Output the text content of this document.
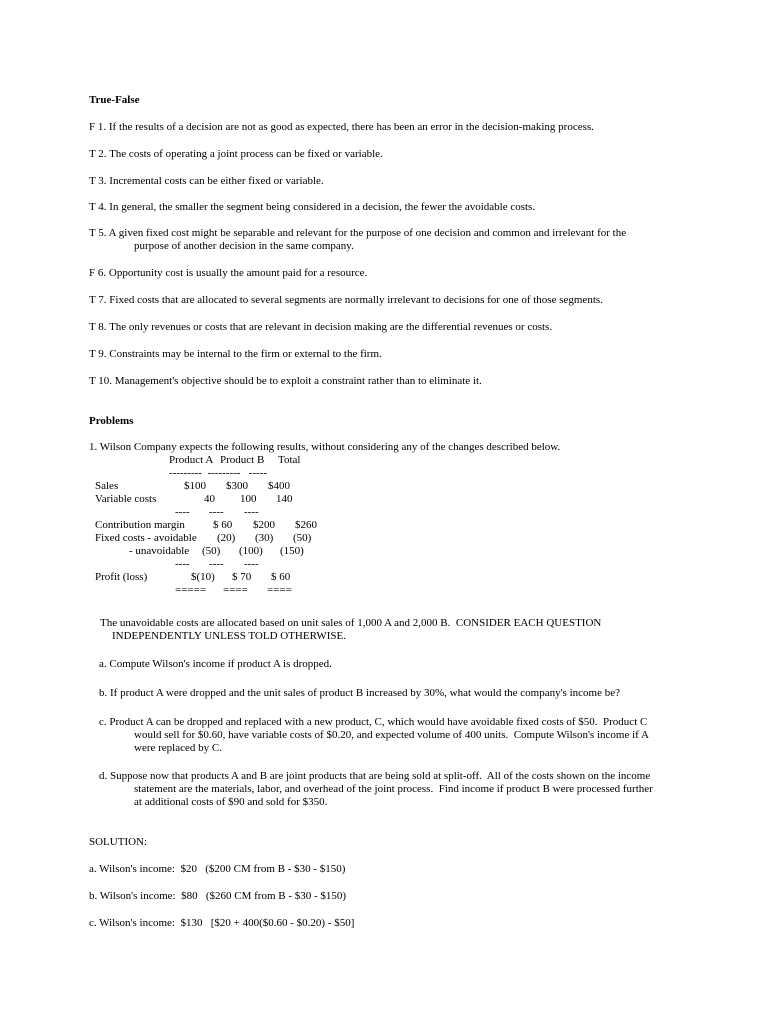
True-False
F 1. If the results of a decision are not as good as expected, there has been an error in the decision-making process.
T 2. The costs of operating a joint process can be fixed or variable.
T 3. Incremental costs can be either fixed or variable.
T 4. In general, the smaller the segment being considered in a decision, the fewer the avoidable costs.
T 5. A given fixed cost might be separable and relevant for the purpose of one decision and common and irrelevant for the
purpose of another decision in the same company.
F 6. Opportunity cost is usually the amount paid for a resource.
T 7. Fixed costs that are allocated to several segments are normally irrelevant to decisions for one of those segments.
T 8. The only revenues or costs that are relevant in decision making are the differential revenues or costs.
T 9. Constraints may be internal to the firm or external to the firm.
T 10. Management's objective should be to exploit a constraint rather than to eliminate it.
Problems
1. Wilson Company expects the following results, without considering any of the changes described below.
Product A Product B Total
---------  ---------   -----
Sales	$100 $300 $400
Variable costs	40 100 140
---- ---- ----
Contribution margin	$ 60 $200 $260
Fixed costs - avoidable (20) (30) (50)
- unavoidable (50) (100) (150)
---- ---- ----
Profit (loss)	$(10) $ 70 $ 60
===== ==== ====
The unavoidable costs are allocated based on unit sales of 1,000 A and 2,000 B.  CONSIDER EACH QUESTION
INDEPENDENTLY UNLESS TOLD OTHERWISE.
a. Compute Wilson's income if product A is dropped.
b. If product A were dropped and the unit sales of product B increased by 30%, what would the company's income be?
c. Product A can be dropped and replaced with a new product, C, which would have avoidable fixed costs of $50.  Product C
would sell for $0.60, have variable costs of $0.20, and expected volume of 400 units.  Compute Wilson's income if A
were replaced by C.
d. Suppose now that products A and B are joint products that are being sold at split-off.  All of the costs shown on the income
statement are the materials, labor, and overhead of the joint process.  Find income if product B were processed further
at additional costs of $90 and sold for $350.
SOLUTION:
a. Wilson's income:  $20   ($200 CM from B - $30 - $150)
b. Wilson's income:  $80   ($260 CM from B - $30 - $150)
c. Wilson's income:  $130   [$20 + 400($0.60 - $0.20) - $50]
